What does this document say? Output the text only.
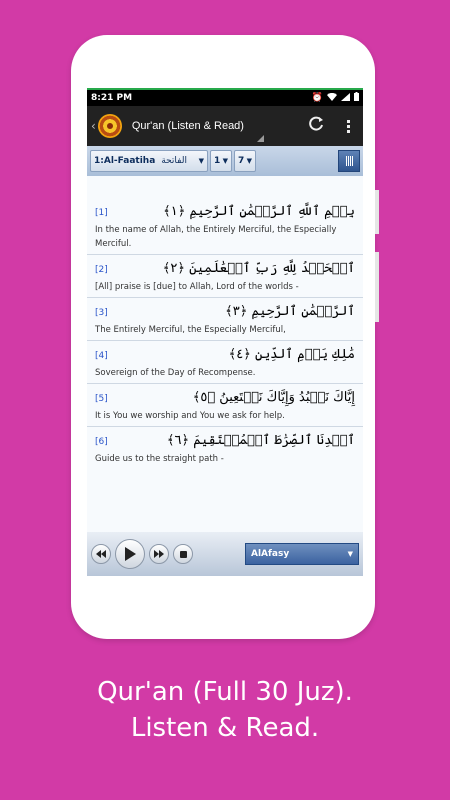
8:21 PM	⏰
‹	Qur'an (Listen & Read)
1:Al-Faatiha الفاتحة ▼ 1 ▼ 7 ▼
[1]	بِسۡمِ ٱللَّهِ ٱلرَّحۡمَٰنِ ٱلرَّحِيمِ ﴿١﴾
In the name of Allah, the Entirely Merciful, the Especially Merciful.
[2]	ٱلۡحَمۡدُ لِلَّهِ رَبِّ ٱلۡعَٰلَمِينَ ﴿٢﴾
[All] praise is [due] to Allah, Lord of the worlds -
[3]	ٱلرَّحۡمَٰنِ ٱلرَّحِيمِ ﴿٣﴾
The Entirely Merciful, the Especially Merciful,
[4]	مَٰلِكِ يَوۡمِ ٱلدِّينِ ﴿٤﴾
Sovereign of the Day of Recompense.
[5]	إِيَّاكَ نَعۡبُدُ وَإِيَّاكَ نَسۡتَعِينُ ﴿٥﴾
It is You we worship and You we ask for help.
[6]	ٱهۡدِنَا ٱلصِّرَٰطَ ٱلۡمُسۡتَقِيمَ ﴿٦﴾
Guide us to the straight path -
AlAfasy	▼
Qur'an (Full 30 Juz).
Listen & Read.
